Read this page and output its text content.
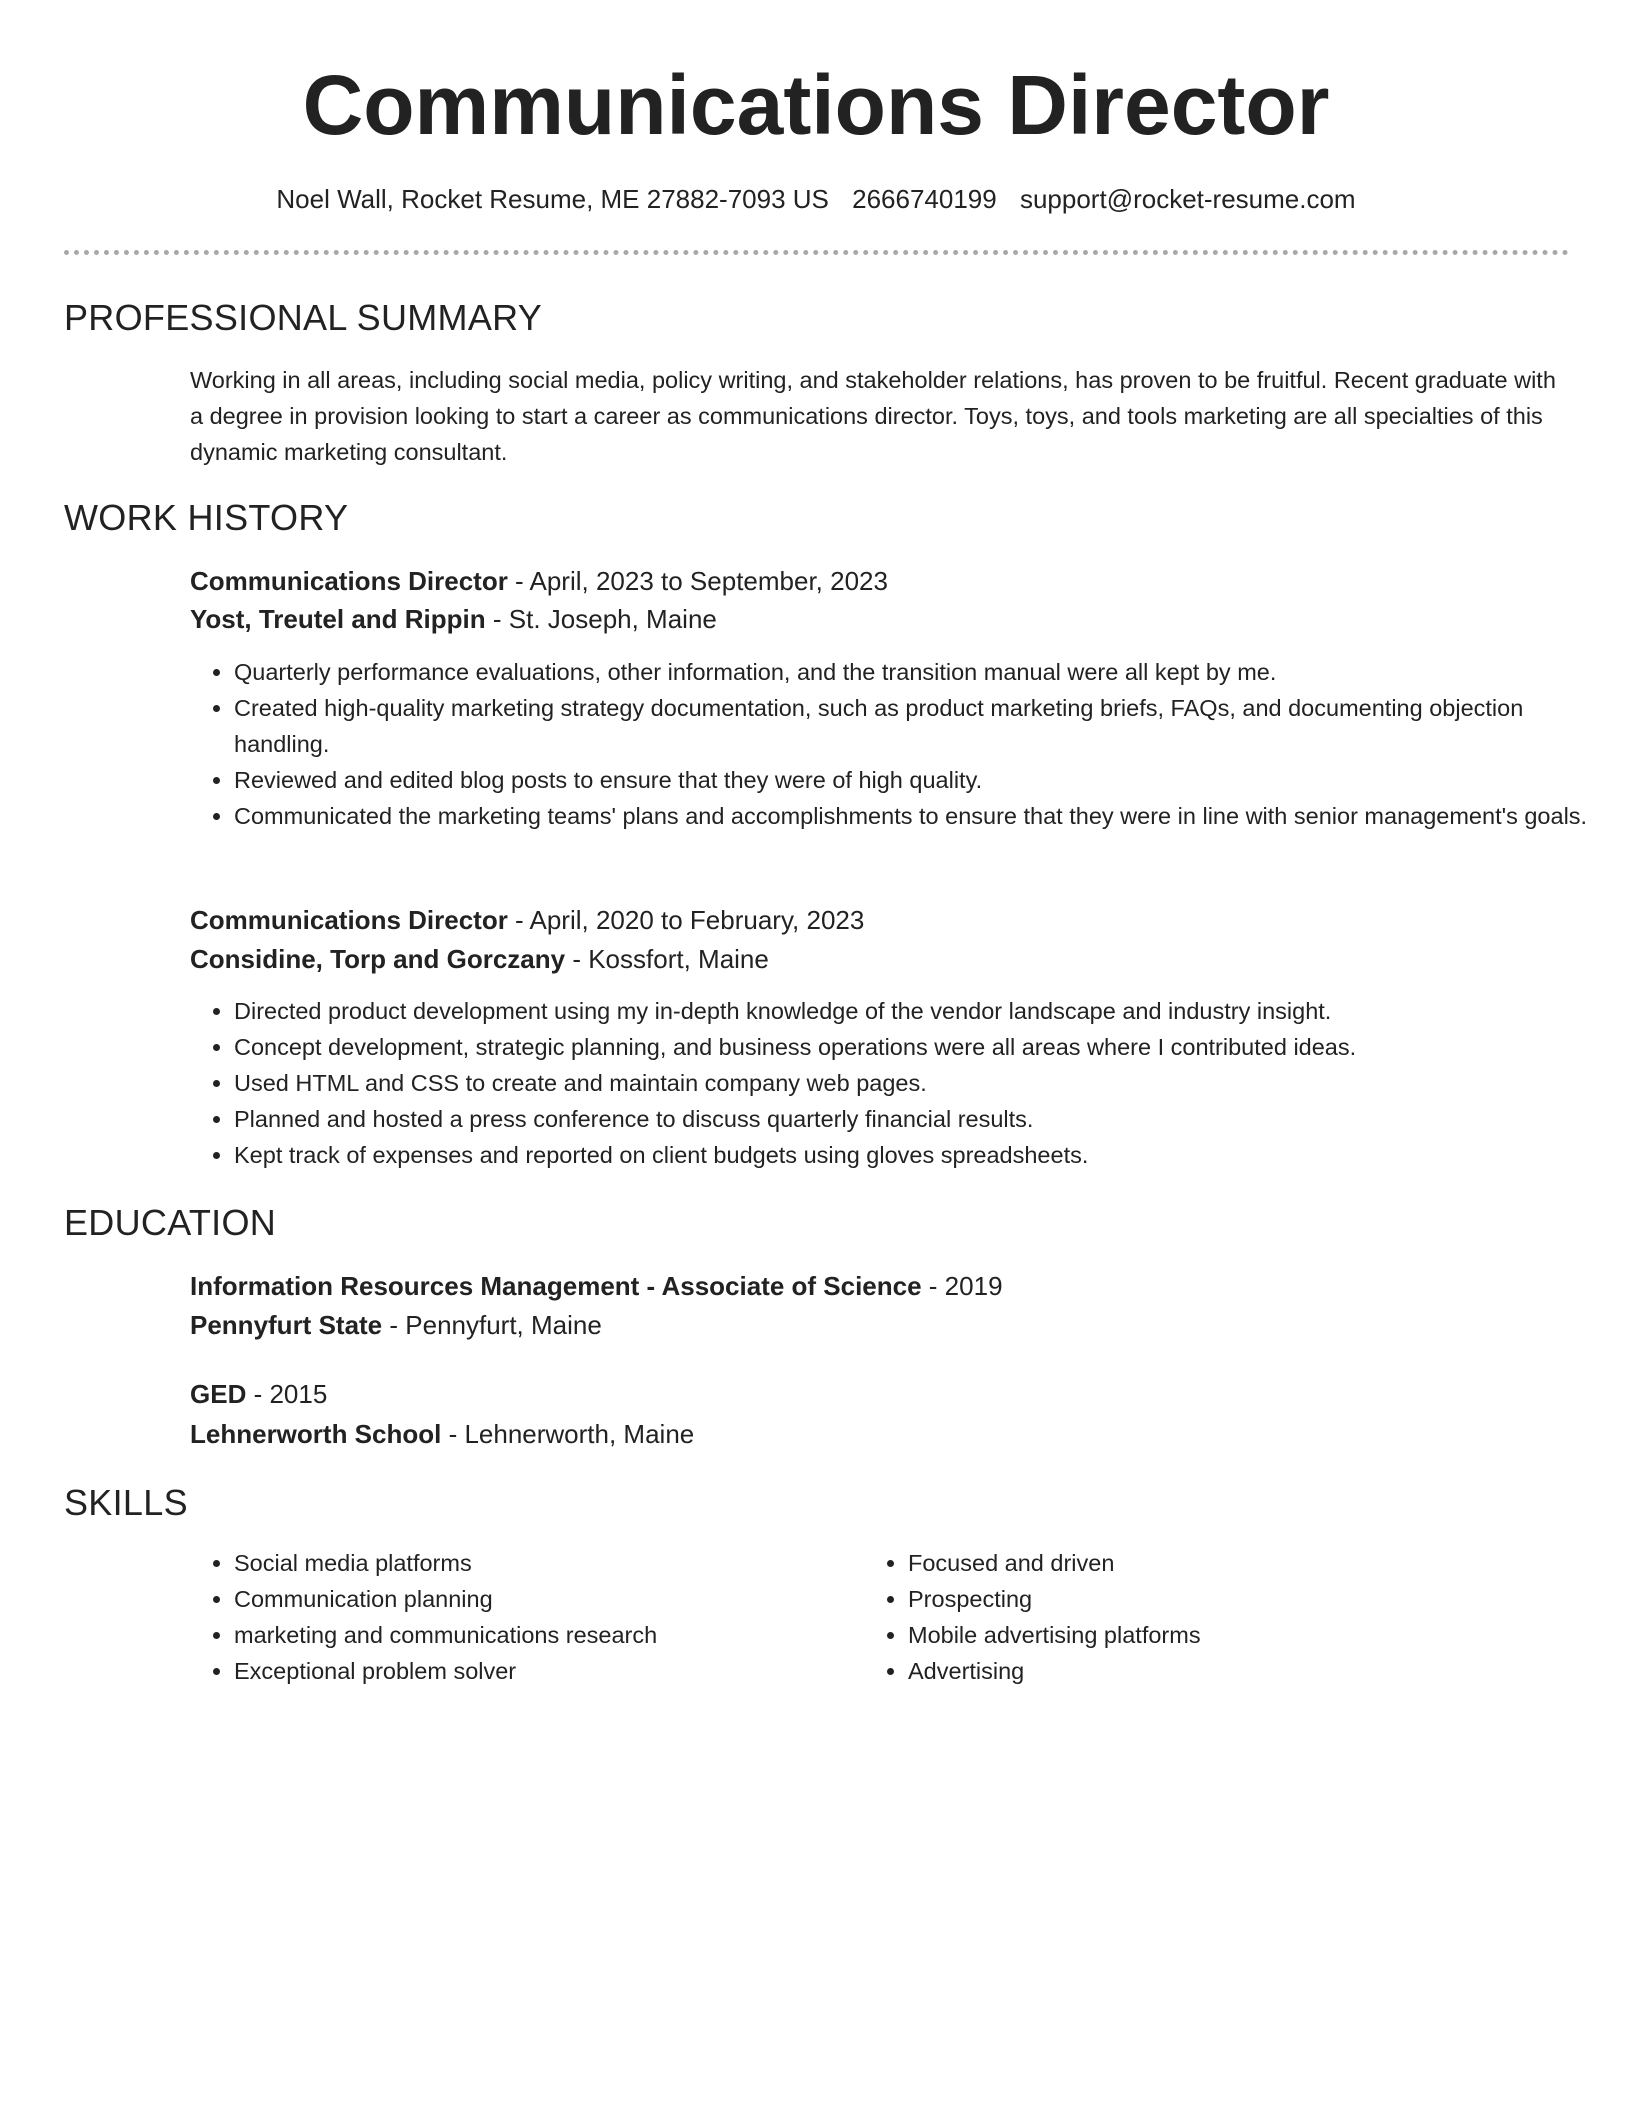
Communications Director
Noel Wall, Rocket Resume, ME 27882-7093 US 2666740199 support@rocket-resume.com
PROFESSIONAL SUMMARY
Working in all areas, including social media, policy writing, and stakeholder relations, has proven to be fruitful. Recent graduate with a degree in provision looking to start a career as communications director. Toys, toys, and tools marketing are all specialties of this dynamic marketing consultant.
WORK HISTORY
Communications Director - April, 2023 to September, 2023
Yost, Treutel and Rippin - St. Joseph, Maine
• Quarterly performance evaluations, other information, and the transition manual were all kept by me.
• Created high-quality marketing strategy documentation, such as product marketing briefs, FAQs, and documenting objection handling.
• Reviewed and edited blog posts to ensure that they were of high quality.
• Communicated the marketing teams' plans and accomplishments to ensure that they were in line with senior management's goals.
Communications Director - April, 2020 to February, 2023
Considine, Torp and Gorczany - Kossfort, Maine
• Directed product development using my in-depth knowledge of the vendor landscape and industry insight.
• Concept development, strategic planning, and business operations were all areas where I contributed ideas.
• Used HTML and CSS to create and maintain company web pages.
• Planned and hosted a press conference to discuss quarterly financial results.
• Kept track of expenses and reported on client budgets using gloves spreadsheets.
EDUCATION
Information Resources Management - Associate of Science - 2019
Pennyfurt State - Pennyfurt, Maine
GED - 2015
Lehnerworth School - Lehnerworth, Maine
SKILLS
• Social media platforms
• Communication planning
• marketing and communications research
• Exceptional problem solver
• Focused and driven
• Prospecting
• Mobile advertising platforms
• Advertising
